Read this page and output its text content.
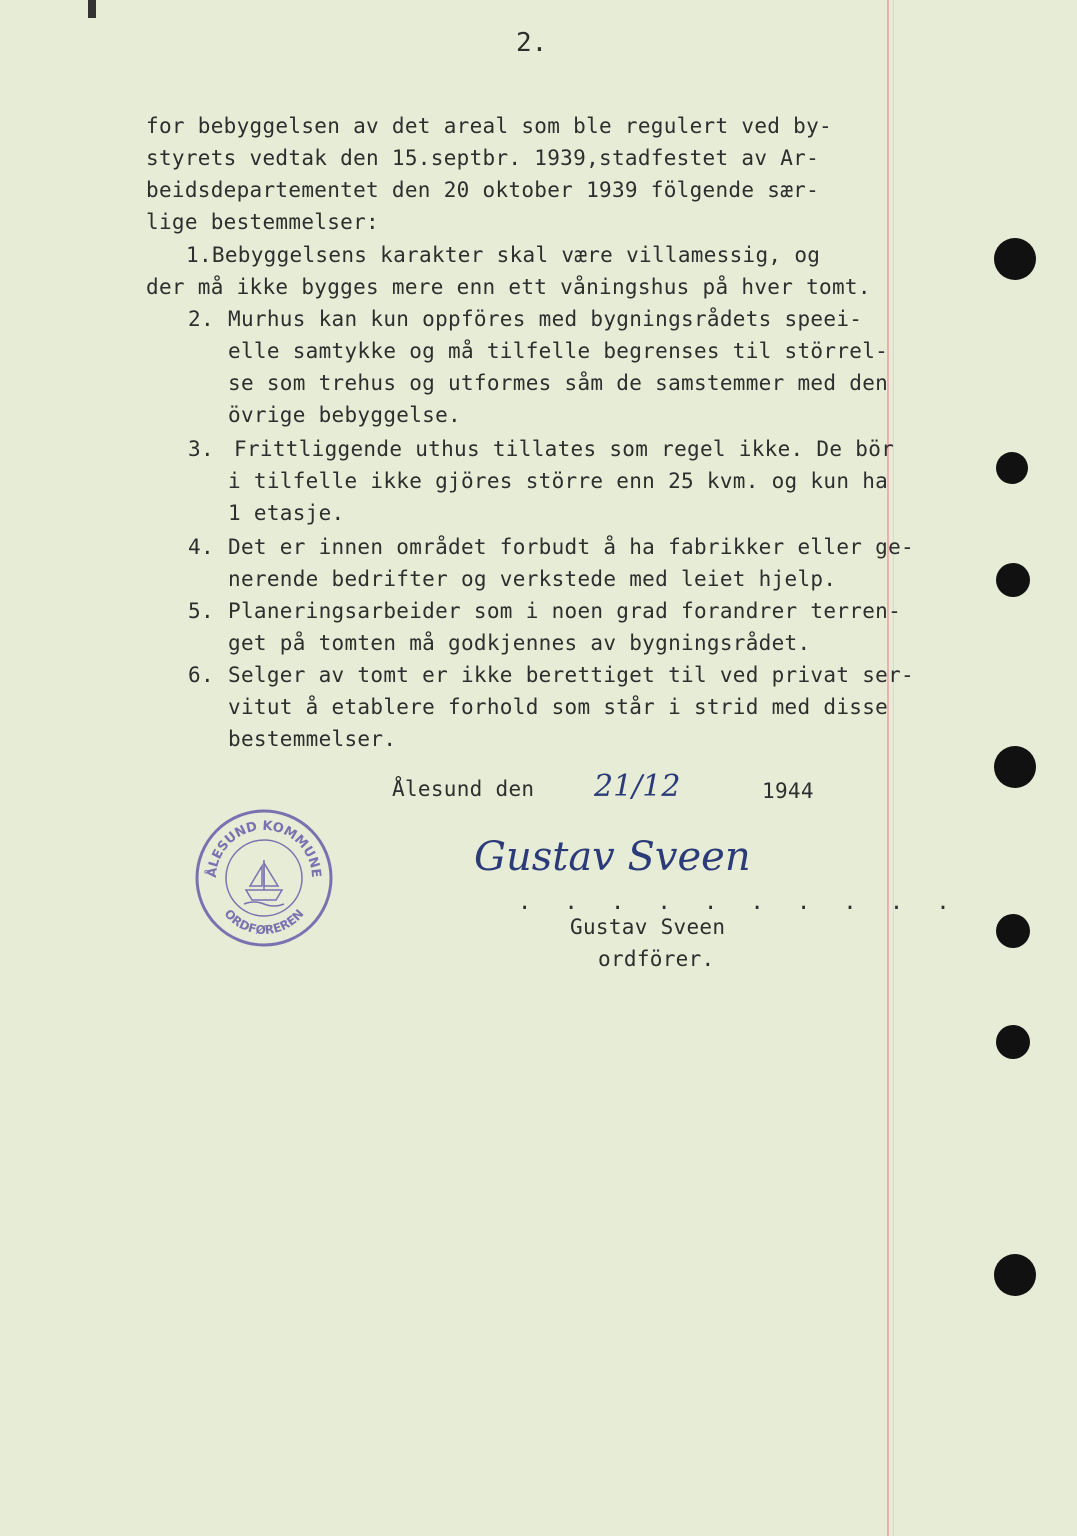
2.
for bebyggelsen av det areal som ble regulert ved by-
styrets vedtak den 15.septbr. 1939,stadfestet av Ar-
beidsdepartementet den 20 oktober 1939 fölgende sær-
lige bestemmelser:
1.Bebyggelsens karakter skal være villamessig, og
der må ikke bygges mere enn ett våningshus på hver tomt.
2. Murhus kan kun oppföres med bygningsrådets speei-
elle samtykke og må tilfelle begrenses til störrel-
se som trehus og utformes såm de samstemmer med den
övrige bebyggelse.
3. Frittliggende uthus tillates som regel ikke. De bör
i tilfelle ikke gjöres större enn 25 kvm. og kun ha
1 etasje.
4. Det er innen området forbudt å ha fabrikker eller ge-
nerende bedrifter og verkstede med leiet hjelp.
5. Planeringsarbeider som i noen grad forandrer terren-
get på tomten må godkjennes av bygningsrådet.
6. Selger av tomt er ikke berettiget til ved privat ser-
vitut å etablere forhold som står i strid med disse
bestemmelser.
Ålesund den 21/12	1944
ÅLESUND KOMMUNE
ORDFØREREN
Gustav Sveen
. . . . . . . . . .
Gustav Sveen
ordförer.
